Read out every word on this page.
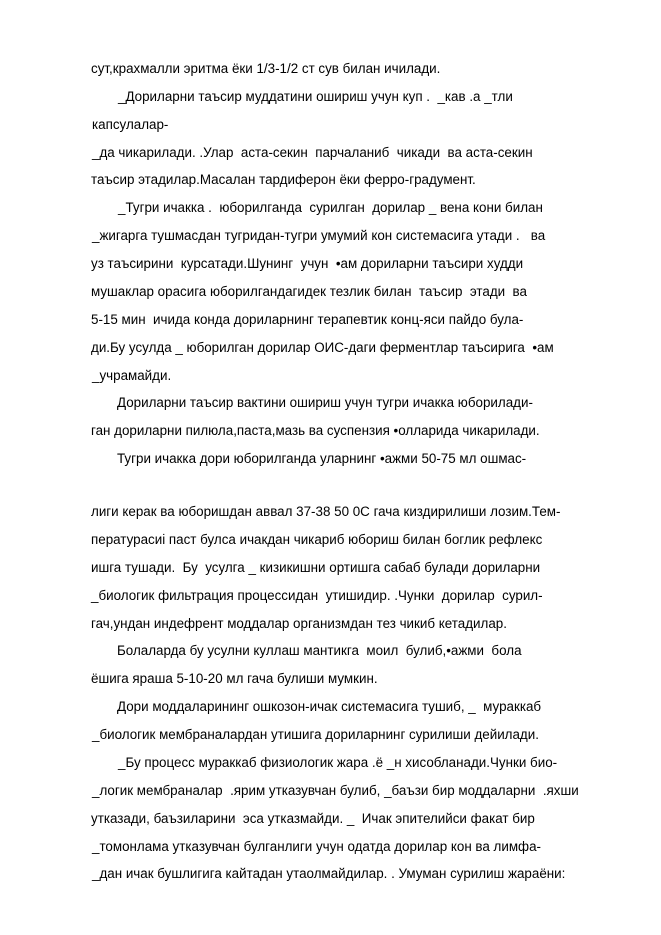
сут,крахмалли эритма ёки 1/3-1/2 ст сув билан ичилади.
_Дориларни таъсир муддатини ошириш учун куп .  _кав .а _тли
капсулалар-
_да чикарилади. .Улар  аста-секин  парчаланиб  чикади  ва аста-секин
таъсир этадилар.Масалан тардиферон ёки ферро-градумент.
_Тугри ичакка .  юборилганда  сурилган  дорилар _ вена кони билан
_жигарга тушмасдан тугридан-тугри умумий кон системасига утади .   ва
уз таъсирини  курсатади.Шунинг  учун  •ам дориларни таъсири худди
мушаклар орасига юборилгандагидек тезлик билан  таъсир  этади  ва
5-15 мин  ичида конда дориларнинг терапевтик конц-яси пайдо була-
ди.Бу усулда _ юборилган дорилар ОИС-даги ферментлар таъсирига  •ам
_учрамайди.
Дориларни таъсир вактини ошириш учун тугри ичакка юборилади-
ган дориларни пилюла,паста,мазь ва суспензия •олларида чикарилади.
Тугри ичакка дори юборилганда уларнинг •ажми 50-75 мл ошмас-
лиги керак ва юборишдан аввал 37-38 50 0С гача киздирилиши лозим.Тем-
пературасиі паст булса ичакдан чикариб юбориш билан боглик рефлекс
ишга тушади.  Бу  усулга _ кизикишни ортишга сабаб булади дориларни
_биологик фильтрация процессидан  утишидир. .Чунки  дорилар  сурил-
гач,ундан индефрент моддалар организмдан тез чикиб кетадилар.
Болаларда бу усулни куллаш мантикга  моил  булиб,•ажми  бола
ёшига яраша 5-10-20 мл гача булиши мумкин.
Дори моддаларининг ошкозон-ичак системасига тушиб, _  мураккаб
_биологик мембраналардан утишига дориларнинг сурилиши дейилади.
_Бу процесс мураккаб физиологик жара .ё _н хисобланади.Чунки био-
_логик мембраналар  .ярим утказувчан булиб, _баъзи бир моддаларни  .яхши
утказади, баъзиларини  эса утказмайди. _  Ичак эпителийси факат бир
_томонлама утказувчан булганлиги учун одатда дорилар кон ва лимфа-
_дан ичак бушлигига кайтадан утаолмайдилар. . Умуман сурилиш жараёни:
